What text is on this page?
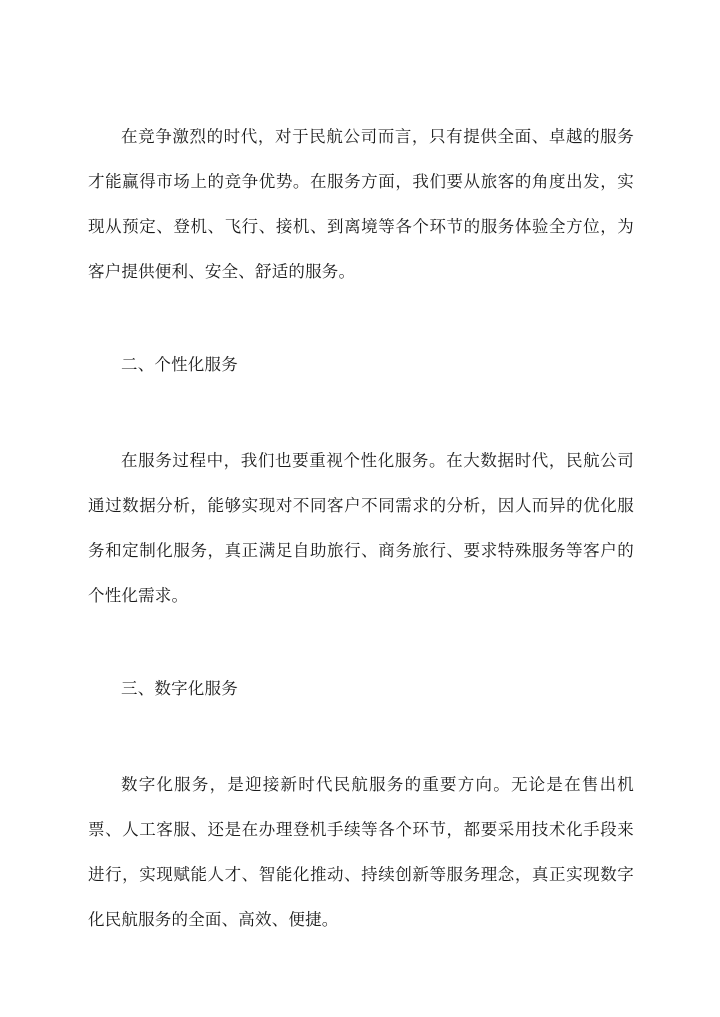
在竞争激烈的时代，对于民航公司而言，只有提供全面、卓越的服务才能赢得市场上的竞争优势。在服务方面，我们要从旅客的角度出发，实现从预定、登机、飞行、接机、到离境等各个环节的服务体验全方位，为客户提供便利、安全、舒适的服务。

二、个性化服务

在服务过程中，我们也要重视个性化服务。在大数据时代，民航公司通过数据分析，能够实现对不同客户不同需求的分析，因人而异的优化服务和定制化服务，真正满足自助旅行、商务旅行、要求特殊服务等客户的个性化需求。

三、数字化服务

数字化服务，是迎接新时代民航服务的重要方向。无论是在售出机票、人工客服、还是在办理登机手续等各个环节，都要采用技术化手段来进行，实现赋能人才、智能化推动、持续创新等服务理念，真正实现数字化民航服务的全面、高效、便捷。
